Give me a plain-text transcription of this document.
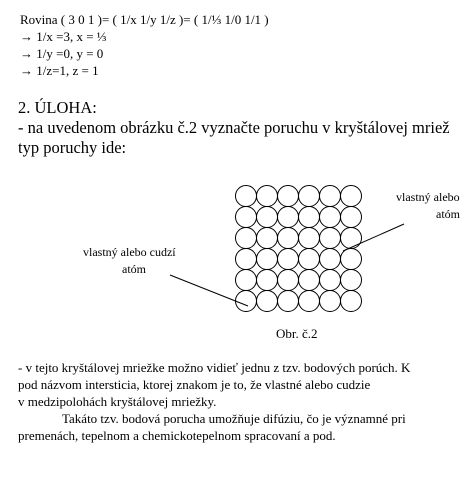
Rovina ( 3 0 1 )= ( 1/x 1/y 1/z )= ( 1/⅓ 1/0 1/1 )
→ 1/x =3, x = ⅓
→ 1/y =0, y = 0
→ 1/z=1, z = 1
2. ÚLOHA:
- na uvedenom obrázku č.2 vyznačte poruchu v kryštálovej mriež
typ poruchy ide:
vlastný alebo
atóm
vlastný alebo cudzí
atóm
Obr. č.2
- v tejto kryštálovej mriežke možno vidieť jednu z tzv. bodových porúch. K
pod názvom intersticia, ktorej znakom je to, že vlastné alebo cudzie
v medzipolohách kryštálovej mriežky.
Takáto tzv. bodová porucha umožňuje difúziu, čo je významné pri
premenách, tepelnom a chemickotepelnom spracovaní a pod.
